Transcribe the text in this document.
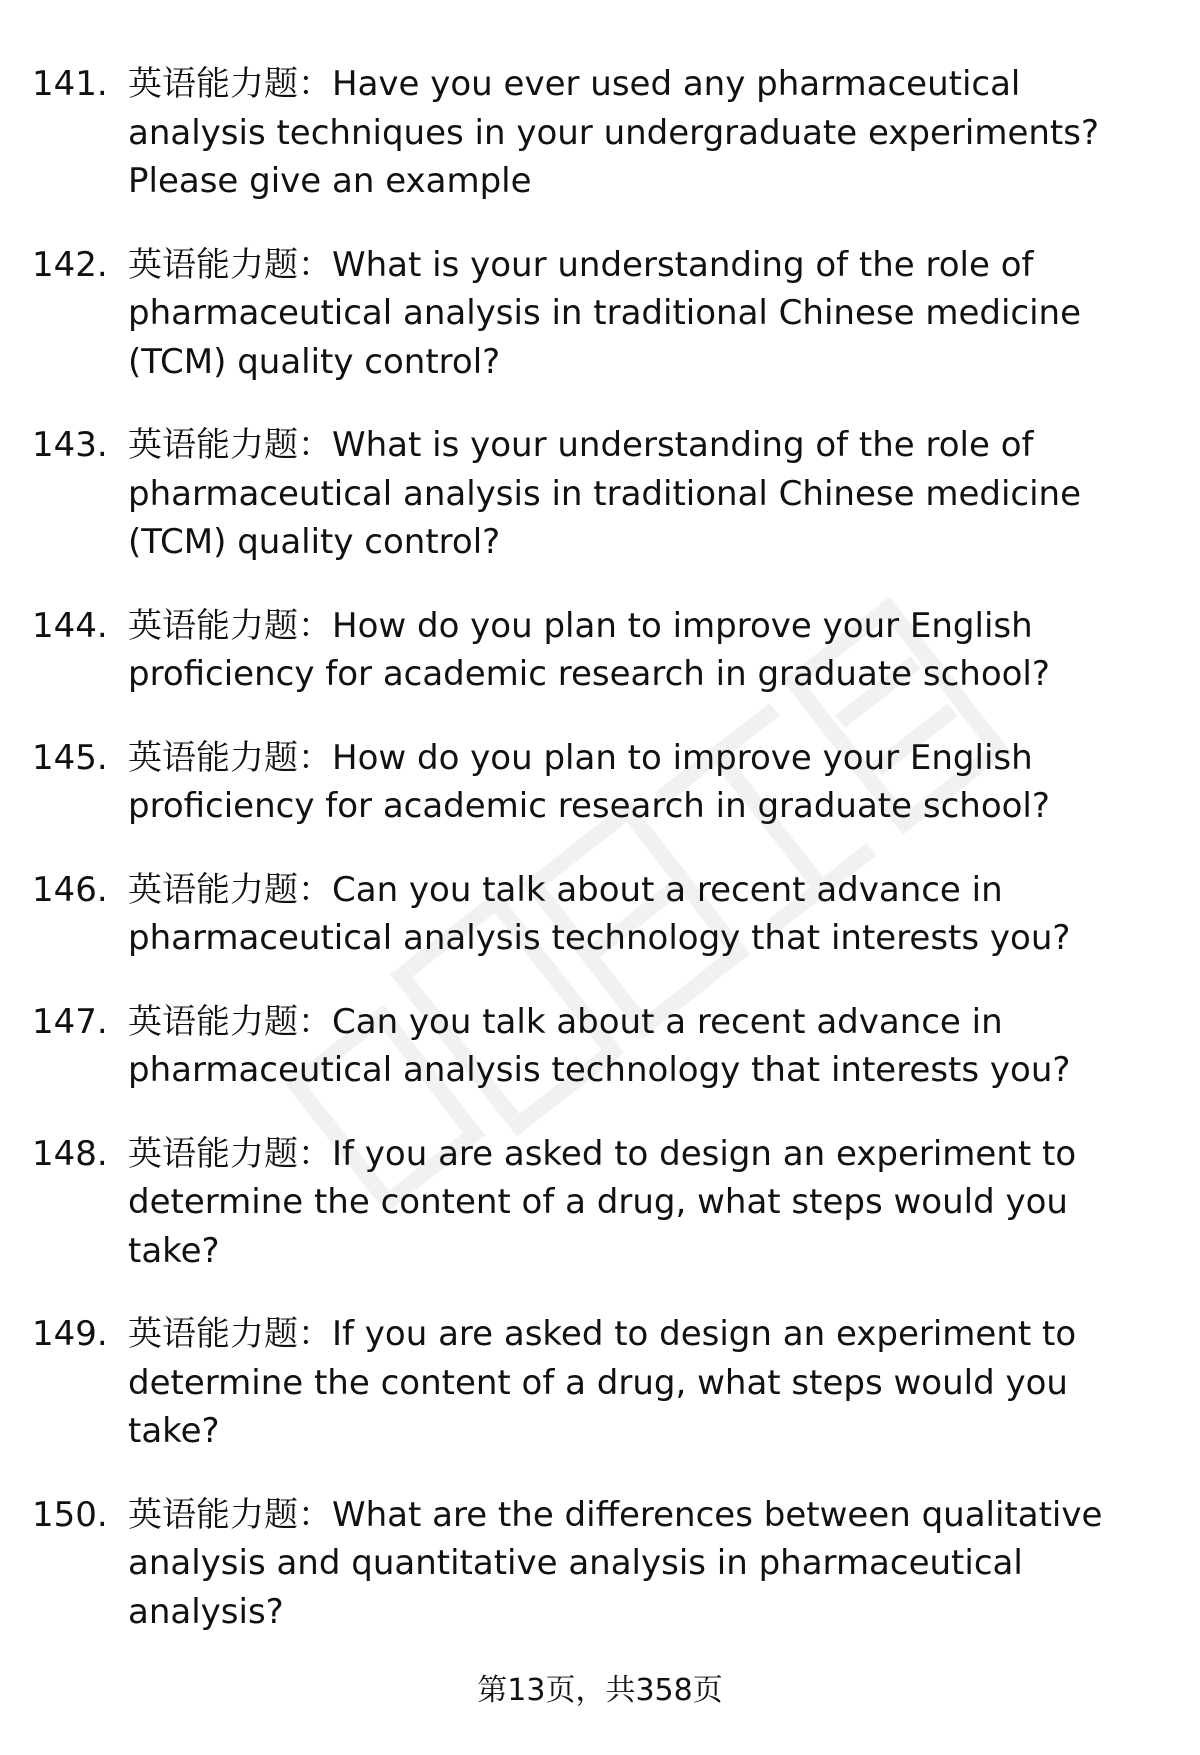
141. 英语能力题：Have you ever used any pharmaceutical analysis techniques in your undergraduate experiments? Please give an example
142. 英语能力题：What is your understanding of the role of pharmaceutical analysis in traditional Chinese medicine (TCM) quality control?
143. 英语能力题：What is your understanding of the role of pharmaceutical analysis in traditional Chinese medicine (TCM) quality control?
144. 英语能力题：How do you plan to improve your English proficiency for academic research in graduate school?
145. 英语能力题：How do you plan to improve your English proficiency for academic research in graduate school?
146. 英语能力题：Can you talk about a recent advance in pharmaceutical analysis technology that interests you?
147. 英语能力题：Can you talk about a recent advance in pharmaceutical analysis technology that interests you?
148. 英语能力题：If you are asked to design an experiment to determine the content of a drug, what steps would you take?
149. 英语能力题：If you are asked to design an experiment to determine the content of a drug, what steps would you take?
150. 英语能力题：What are the differences between qualitative analysis and quantitative analysis in pharmaceutical analysis?
第13页，共358页
